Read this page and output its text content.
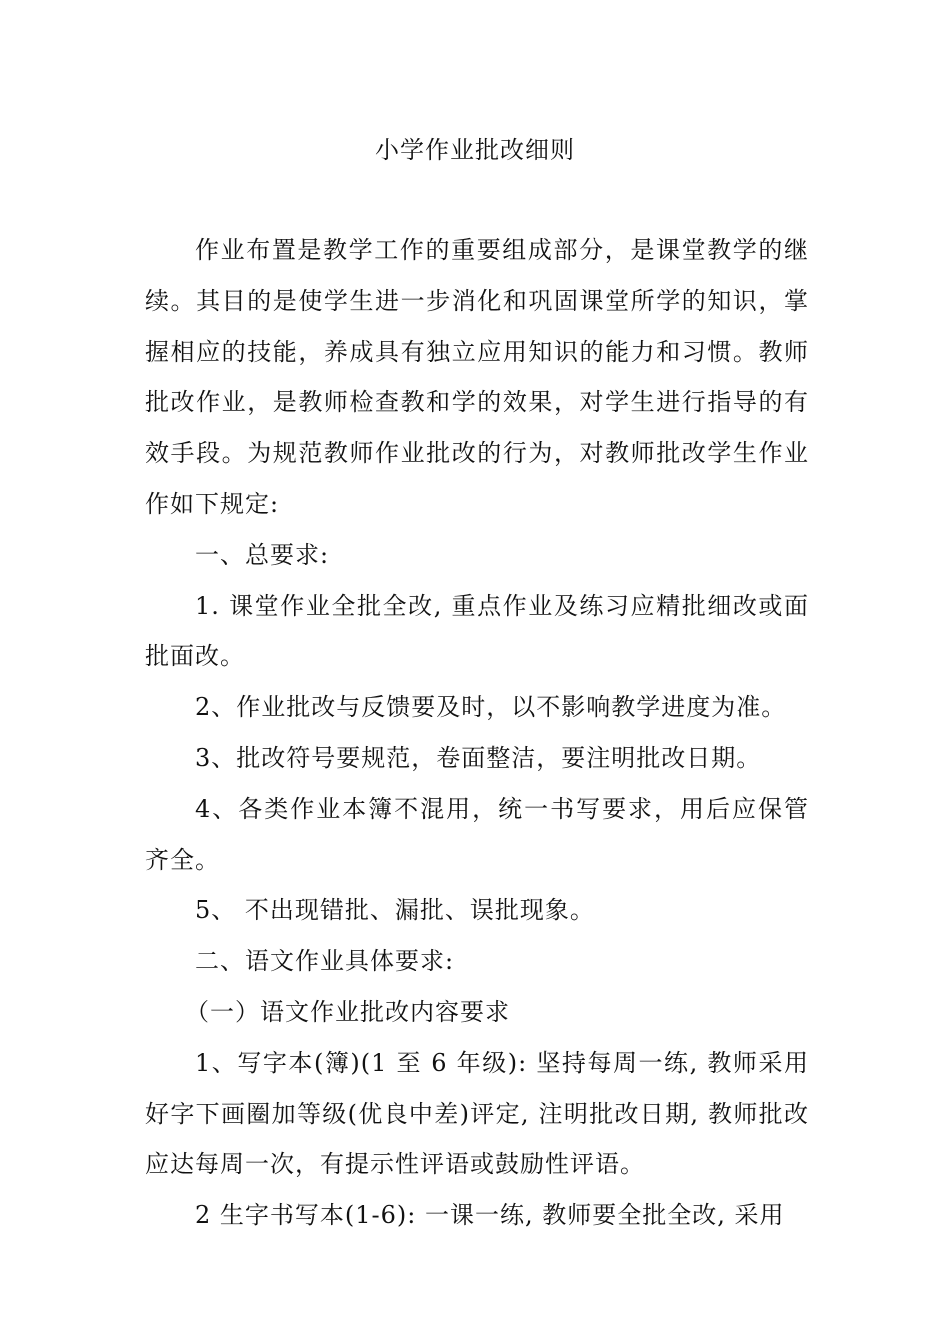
小学作业批改细则

作业布置是教学工作的重要组成部分，是课堂教学的继续。其目的是使学生进一步消化和巩固课堂所学的知识，掌握相应的技能，养成具有独立应用知识的能力和习惯。教师批改作业，是教师检查教和学的效果，对学生进行指导的有效手段。为规范教师作业批改的行为，对教师批改学生作业作如下规定:

一、总要求:

1. 课堂作业全批全改, 重点作业及练习应精批细改或面批面改。

2、作业批改与反馈要及时，以不影响教学进度为准。

3、批改符号要规范，卷面整洁，要注明批改日期。

4、各类作业本簿不混用，统一书写要求，用后应保管齐全。

5、 不出现错批、漏批、误批现象。

二、语文作业具体要求:

（一）语文作业批改内容要求

1、写字本(簿)(1 至 6 年级): 坚持每周一练, 教师采用好字下画圈加等级(优良中差)评定, 注明批改日期, 教师批改应达每周一次，有提示性评语或鼓励性评语。

2 生字书写本(1-6): 一课一练, 教师要全批全改, 采用
